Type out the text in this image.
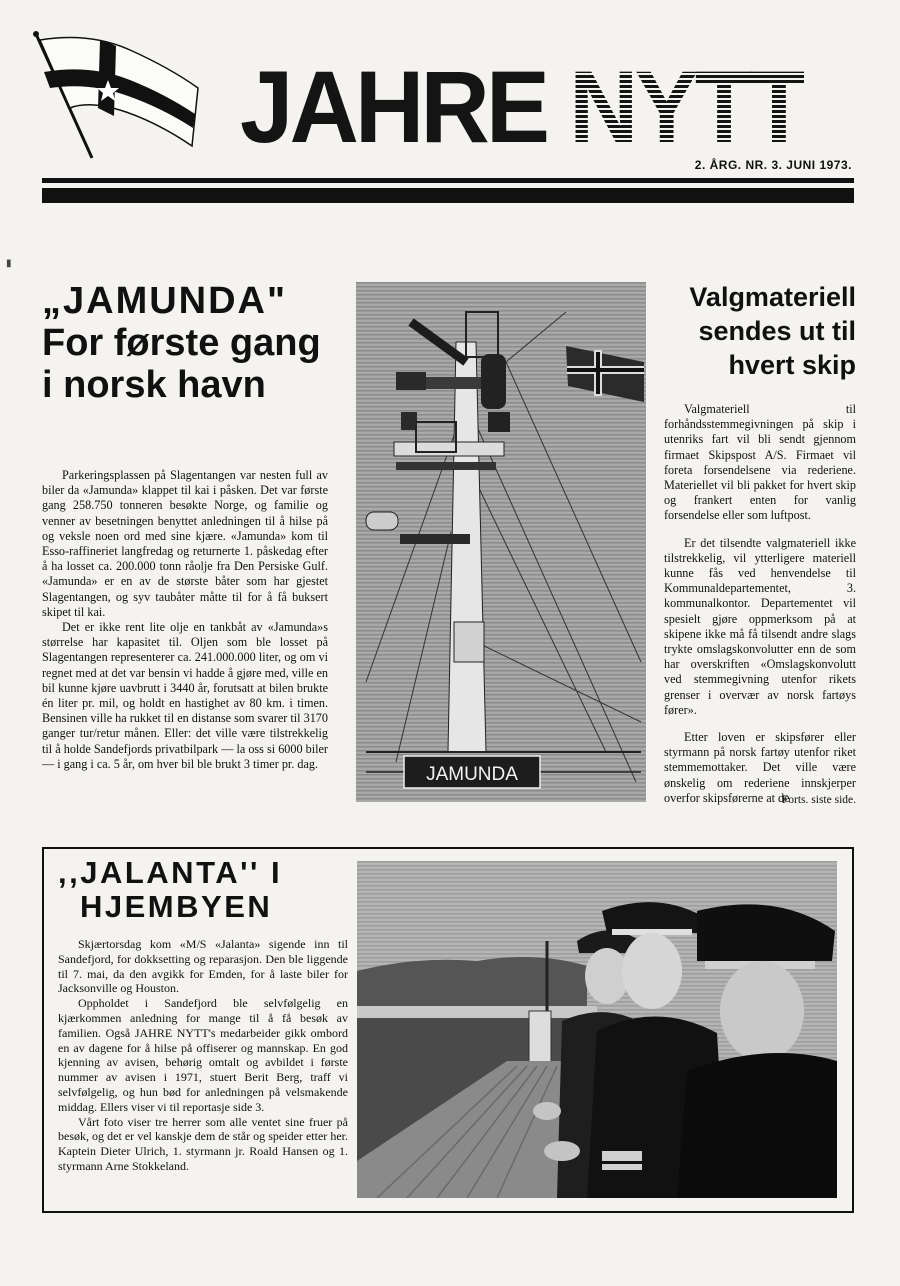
JAHRE NYTT
2. ÅRG. NR. 3. JUNI 1973.
„JAMUNDA"
For første gang
i norsk havn

Parkeringsplassen på Slagentangen var nesten full av biler da «Jamunda» klappet til kai i påsken. Det var første gang 258.750 tonneren besøkte Norge, og familie og venner av besetningen benyttet anledningen til å hilse på og veksle noen ord med sine kjære. «Jamunda» kom til Esso-raffineriet langfredag og returnerte 1. påskedag efter å ha losset ca. 200.000 tonn råolje fra Den Persiske Gulf. «Jamunda» er en av de største båter som har gjestet Slagentangen, og syv taubåter måtte til for å få buksert skipet til kai.

Det er ikke rent lite olje en tankbåt av «Jamunda»s størrelse har kapasitet til. Oljen som ble losset på Slagentangen representerer ca. 241.000.000 liter, og om vi regnet med at det var bensin vi hadde å gjøre med, ville en bil kunne kjøre uavbrutt i 3440 år, forutsatt at bilen brukte én liter pr. mil, og holdt en hastighet av 80 km. i timen. Bensinen ville ha rukket til en distanse som svarer til 3170 ganger tur/retur månen. Eller: det ville være tilstrekkelig til å holde Sandefjords privatbilpark — la oss si 6000 biler — i gang i ca. 5 år, om hver bil ble brukt 3 timer pr. dag.

JAMUNDA
Valgmateriell
sendes ut til
hvert skip

Valgmateriell til forhåndsstemmegivningen på skip i utenriks fart vil bli sendt gjennom firmaet Skipspost A/S. Firmaet vil foreta forsendelsene via rederiene. Materiellet vil bli pakket for hvert skip og frankert enten for vanlig forsendelse eller som luftpost.

Er det tilsendte valgmateriell ikke tilstrekkelig, vil ytterligere materiell kunne fås ved henvendelse til Kommunaldepartementet, 3. kommunalkontor. Departementet vil spesielt gjøre oppmerksom på at skipene ikke må få tilsendt andre slags trykte omslagskonvolutter enn de som har overskriften «Omslagskonvolutt ved stemmegivning utenfor rikets grenser i overvær av norsk fartøys fører».

Etter loven er skipsfører eller styrmann på norsk fartøy utenfor riket stemmemottaker. Det ville være ønskelig om rederiene innskjerper overfor skipsførerne at de

Forts. siste side.
,,JALANTA'' I
HJEMBYEN

Skjærtorsdag kom «M/S «Jalanta» sigende inn til Sandefjord, for dokksetting og reparasjon. Den ble liggende til 7. mai, da den avgikk for Emden, for å laste biler for Jacksonville og Houston.

Oppholdet i Sandefjord ble selvfølgelig en kjærkommen anledning for mange til å få besøk av familien. Også JAHRE NYTT's medarbeider gikk ombord en av dagene for å hilse på offiserer og mannskap. En god kjenning av avisen, behørig omtalt og avbildet i første nummer av avisen i 1971, stuert Berit Berg, traff vi selvfølgelig, og hun bød for anledningen på velsmakende middag. Ellers viser vi til reportasje side 3.

Vårt foto viser tre herrer som alle ventet sine fruer på besøk, og det er vel kanskje dem de står og speider etter her. Kaptein Dieter Ulrich, 1. styrmann jr. Roald Hansen og 1. styrmann Arne Stokkeland.

▮
